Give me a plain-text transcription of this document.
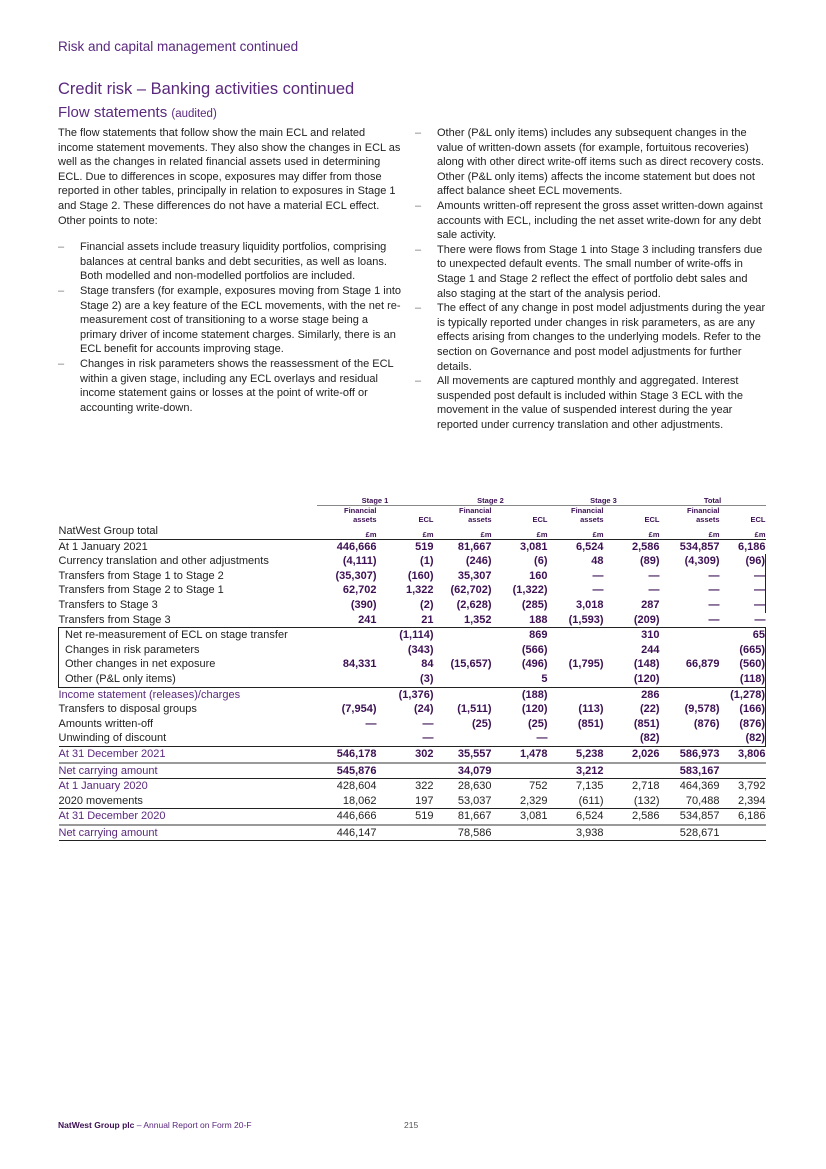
Risk and capital management continued
Credit risk – Banking activities continued
Flow statements (audited)

The flow statements that follow show the main ECL and related income statement movements. They also show the changes in ECL as well as the changes in related financial assets used in determining ECL. Due to differences in scope, exposures may differ from those reported in other tables, principally in relation to exposures in Stage 1 and Stage 2. These differences do not have a material ECL effect. Other points to note:

– Financial assets include treasury liquidity portfolios, comprising balances at central banks and debt securities, as well as loans. Both modelled and non-modelled portfolios are included.
– Stage transfers (for example, exposures moving from Stage 1 into Stage 2) are a key feature of the ECL movements, with the net re-measurement cost of transitioning to a worse stage being a primary driver of income statement charges. Similarly, there is an ECL benefit for accounts improving stage.
– Changes in risk parameters shows the reassessment of the ECL within a given stage, including any ECL overlays and residual income statement gains or losses at the point of write-off or accounting write-down.
– Other (P&L only items) includes any subsequent changes in the value of written-down assets (for example, fortuitous recoveries) along with other direct write-off items such as direct recovery costs. Other (P&L only items) affects the income statement but does not affect balance sheet ECL movements.
– Amounts written-off represent the gross asset written-down against accounts with ECL, including the net asset write-down for any debt sale activity.
– There were flows from Stage 1 into Stage 3 including transfers due to unexpected default events. The small number of write-offs in Stage 1 and Stage 2 reflect the effect of portfolio debt sales and also staging at the start of the analysis period.
– The effect of any change in post model adjustments during the year is typically reported under changes in risk parameters, as are any effects arising from changes to the underlying models. Refer to the section on Governance and post model adjustments for further details.
– All movements are captured monthly and aggregated. Interest suspended post default is included within Stage 3 ECL with the movement in the value of suspended interest during the year reported under currency translation and other adjustments.
	Stage 1		Stage 2		Stage 3		Total	
	Financial		Financial		Financial		Financial	
	assets	ECL	assets	ECL	assets	ECL	assets	ECL
NatWest Group total	£m	£m	£m	£m	£m	£m	£m	£m
At 1 January 2021	446,666	519	81,667	3,081	6,524	2,586	534,857	6,186
Currency translation and other adjustments	(4,111)	(1)	(246)	(6)	48	(89)	(4,309)	(96)
Transfers from Stage 1 to Stage 2	(35,307)	(160)	35,307	160	—	—	—	—
Transfers from Stage 2 to Stage 1	62,702	1,322	(62,702)	(1,322)	—	—	—	—
Transfers to Stage 3	(390)	(2)	(2,628)	(285)	3,018	287	—	—
Transfers from Stage 3	241	21	1,352	188	(1,593)	(209)	—	—
Net re-measurement of ECL on stage transfer		(1,114)		869		310		65
Changes in risk parameters		(343)		(566)		244		(665)
Other changes in net exposure	84,331	84	(15,657)	(496)	(1,795)	(148)	66,879	(560)
Other (P&L only items)		(3)		5		(120)		(118)
Income statement (releases)/charges		(1,376)		(188)		286		(1,278)
Transfers to disposal groups	(7,954)	(24)	(1,511)	(120)	(113)	(22)	(9,578)	(166)
Amounts written-off	—	—	(25)	(25)	(851)	(851)	(876)	(876)
Unwinding of discount		—		—		(82)		(82)
At 31 December 2021	546,178	302	35,557	1,478	5,238	2,026	586,973	3,806
Net carrying amount	545,876		34,079		3,212		583,167	
At 1 January 2020	428,604	322	28,630	752	7,135	2,718	464,369	3,792
2020 movements	18,062	197	53,037	2,329	(611)	(132)	70,488	2,394
At 31 December 2020	446,666	519	81,667	3,081	6,524	2,586	534,857	6,186
Net carrying amount	446,147		78,586		3,938		528,671	
NatWest Group plc – Annual Report on Form 20-F	215
